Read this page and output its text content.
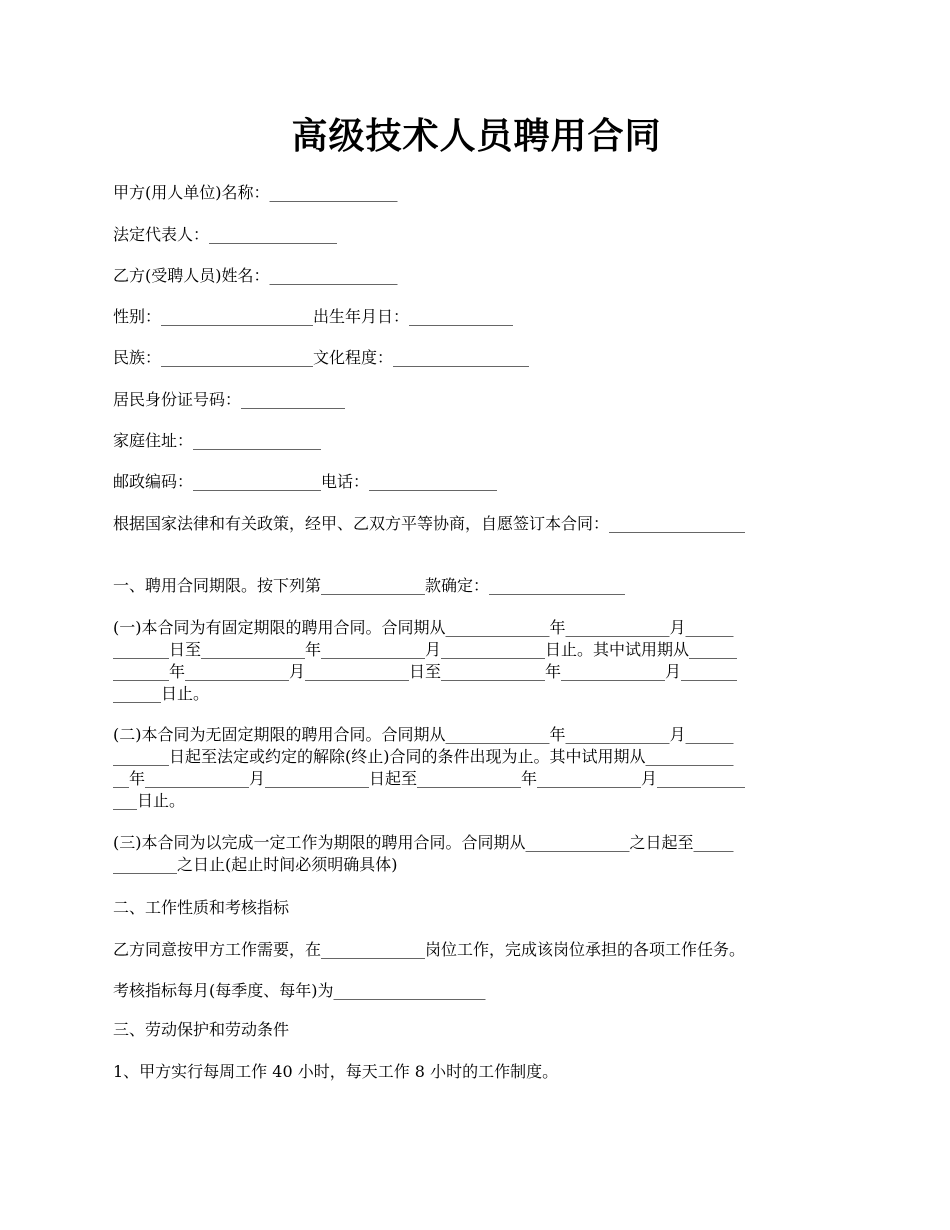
高级技术人员聘用合同
甲方(用人单位)名称：________________
法定代表人：________________
乙方(受聘人员)姓名：________________
性别：___________________出生年月日：_____________
民族：___________________文化程度：_________________
居民身份证号码：_____________
家庭住址：________________
邮政编码：________________电话：________________
根据国家法律和有关政策，经甲、乙双方平等协商，自愿签订本合同：_________________
一、聘用合同期限。按下列第_____________款确定：_________________
(一)本合同为有固定期限的聘用合同。合同期从_____________年_____________月______
_______日至_____________年_____________月_____________日止。其中试用期从______
_______年_____________月_____________日至_____________年_____________月_______
______日止。
(二)本合同为无固定期限的聘用合同。合同期从_____________年_____________月______
_______日起至法定或约定的解除(终止)合同的条件出现为止。其中试用期从___________
__年_____________月_____________日起至_____________年_____________月___________
___日止。
(三)本合同为以完成一定工作为期限的聘用合同。合同期从_____________之日起至_____
________之日止(起止时间必须明确具体)
二、工作性质和考核指标
乙方同意按甲方工作需要，在_____________岗位工作，完成该岗位承担的各项工作任务。
考核指标每月(每季度、每年)为___________________
三、劳动保护和劳动条件
1、甲方实行每周工作 40 小时，每天工作 8 小时的工作制度。
